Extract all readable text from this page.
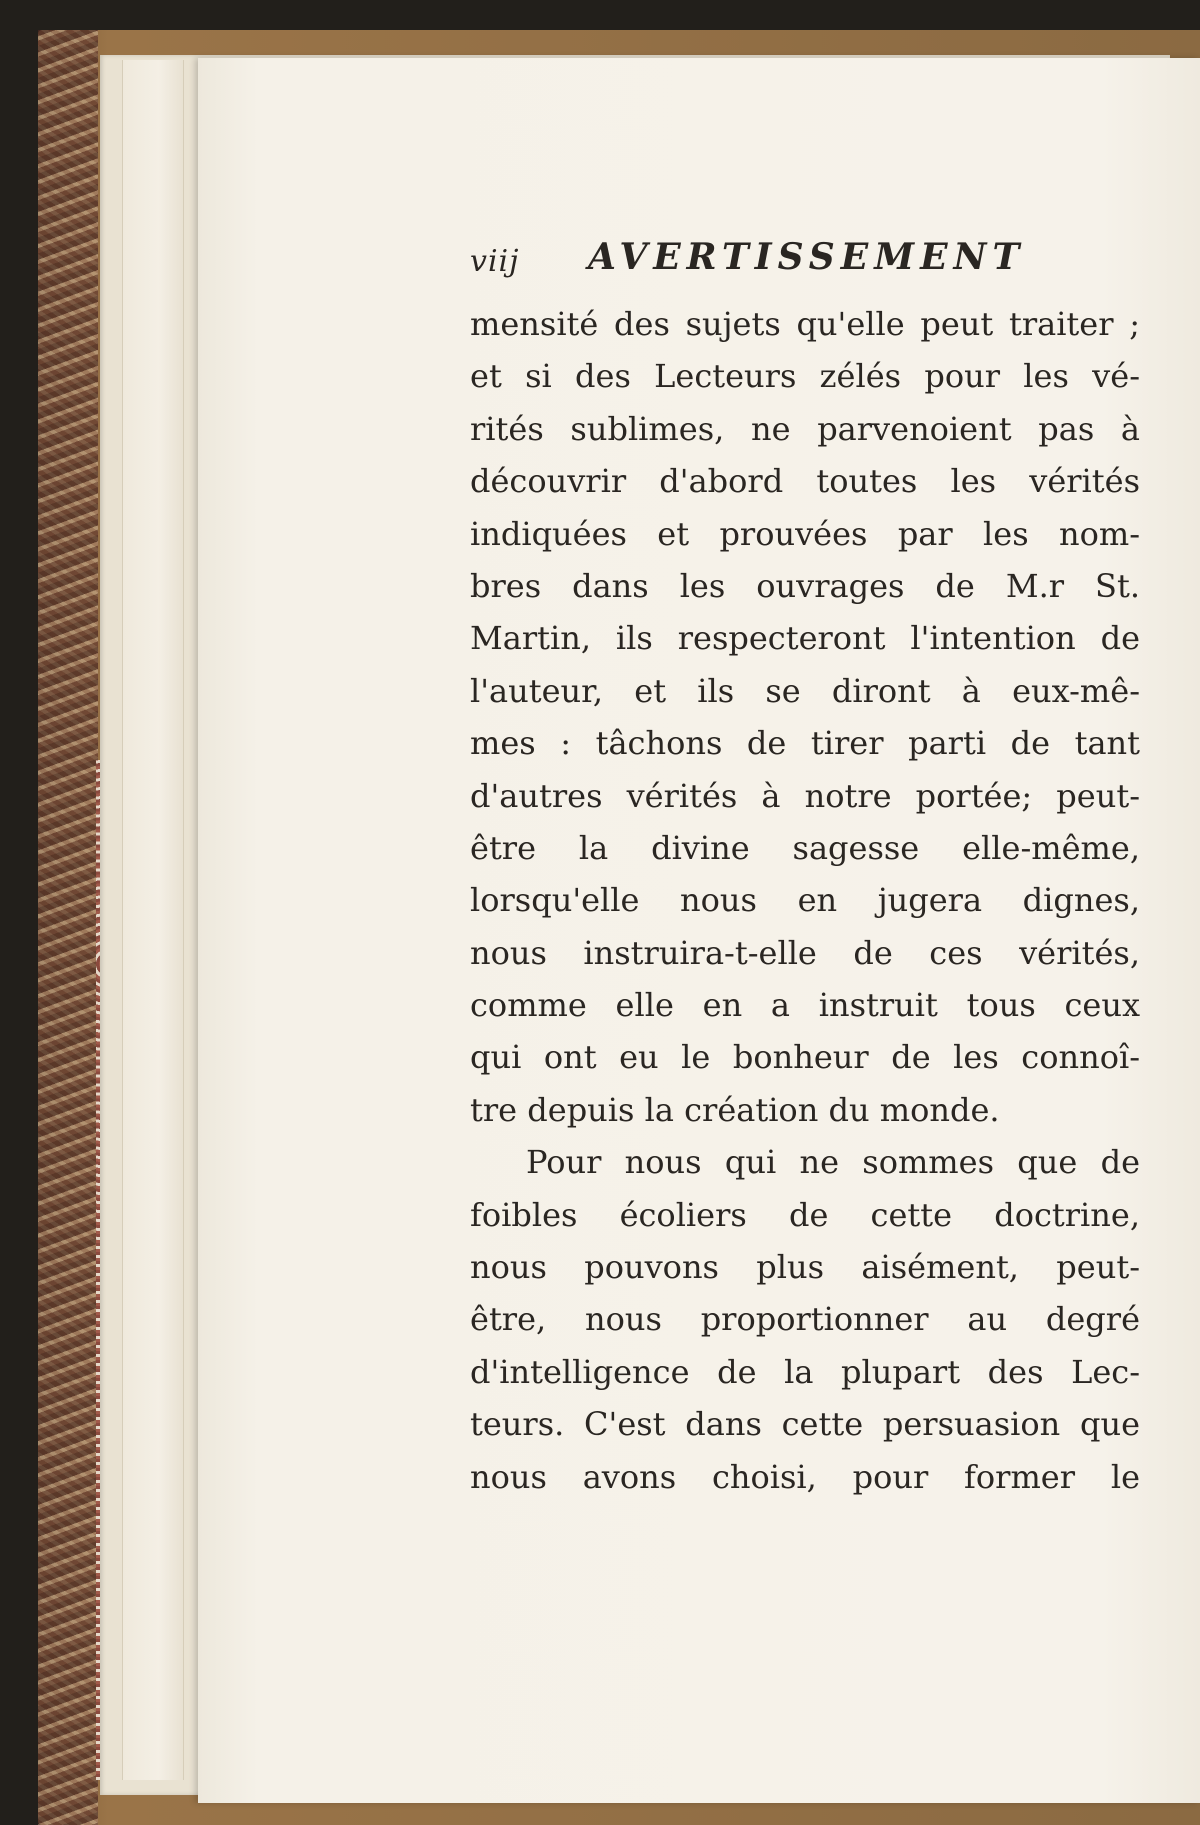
viij AVERTISSEMENT
mensité des sujets qu'elle peut traiter ;
et si des Lecteurs zélés pour les vé-
rités sublimes, ne parvenoient pas à
découvrir d'abord toutes les vérités
indiquées et prouvées par les nom-
bres dans les ouvrages de M.r St.
Martin, ils respecteront l'intention de
l'auteur, et ils se diront à eux-mê-
mes : tâchons de tirer parti de tant
d'autres vérités à notre portée; peut-
être la divine sagesse elle-même,
lorsqu'elle nous en jugera dignes,
nous instruira-t-elle de ces vérités,
comme elle en a instruit tous ceux
qui ont eu le bonheur de les connoî-
tre depuis la création du monde.
Pour nous qui ne sommes que de
foibles écoliers de cette doctrine,
nous pouvons plus aisément, peut-
être, nous proportionner au degré
d'intelligence de la plupart des Lec-
teurs. C'est dans cette persuasion que
nous avons choisi, pour former le
